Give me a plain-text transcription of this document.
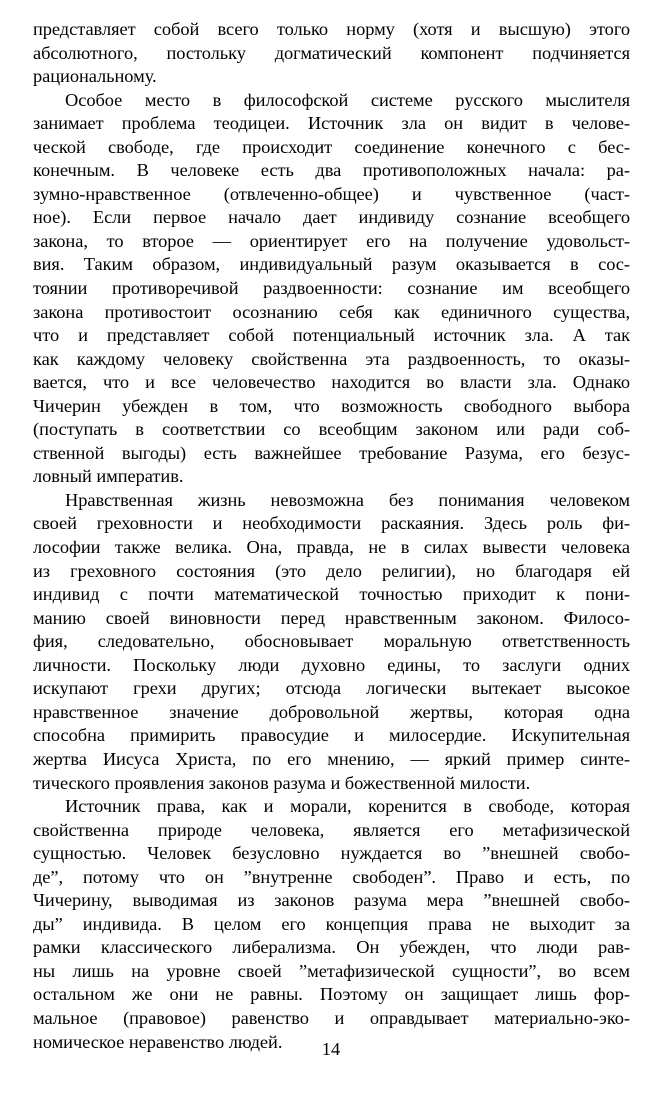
представляет собой всего только норму (хотя и высшую) этого
абсолютного, постольку догматический компонент подчиняется
рациональному.
Особое место в философской системе русского мыслителя
занимает проблема теодицеи. Источник зла он видит в челове-
ческой свободе, где происходит соединение конечного с бес-
конечным. В человеке есть два противоположных начала: ра-
зумно-нравственное (отвлеченно-общее) и чувственное (част-
ное). Если первое начало дает индивиду сознание всеобщего
закона, то второе — ориентирует его на получение удовольст-
вия. Таким образом, индивидуальный разум оказывается в сос-
тоянии противоречивой раздвоенности: сознание им всеобщего
закона противостоит осознанию себя как единичного существа,
что и представляет собой потенциальный источник зла. А так
как каждому человеку свойственна эта раздвоенность, то оказы-
вается, что и все человечество находится во власти зла. Однако
Чичерин убежден в том, что возможность свободного выбора
(поступать в соответствии со всеобщим законом или ради соб-
ственной выгоды) есть важнейшее требование Разума, его безус-
ловный императив.
Нравственная жизнь невозможна без понимания человеком
своей греховности и необходимости раскаяния. Здесь роль фи-
лософии также велика. Она, правда, не в силах вывести человека
из греховного состояния (это дело религии), но благодаря ей
индивид с почти математической точностью приходит к пони-
манию своей виновности перед нравственным законом. Филосо-
фия, следовательно, обосновывает моральную ответственность
личности. Поскольку люди духовно едины, то заслуги одних
искупают грехи других; отсюда логически вытекает высокое
нравственное значение добровольной жертвы, которая одна
способна примирить правосудие и милосердие. Искупительная
жертва Иисуса Христа, по его мнению, — яркий пример синте-
тического проявления законов разума и божественной милости.
Источник права, как и морали, коренится в свободе, которая
свойственна природе человека, является его метафизической
сущностью. Человек безусловно нуждается во ”внешней свобо-
де”, потому что он ”внутренне свободен”. Право и есть, по
Чичерину, выводимая из законов разума мера ”внешней свобо-
ды” индивида. В целом его концепция права не выходит за
рамки классического либерализма. Он убежден, что люди рав-
ны лишь на уровне своей ”метафизической сущности”, во всем
остальном же они не равны. Поэтому он защищает лишь фор-
мальное (правовое) равенство и оправдывает материально-эко-
номическое неравенство людей.	14
